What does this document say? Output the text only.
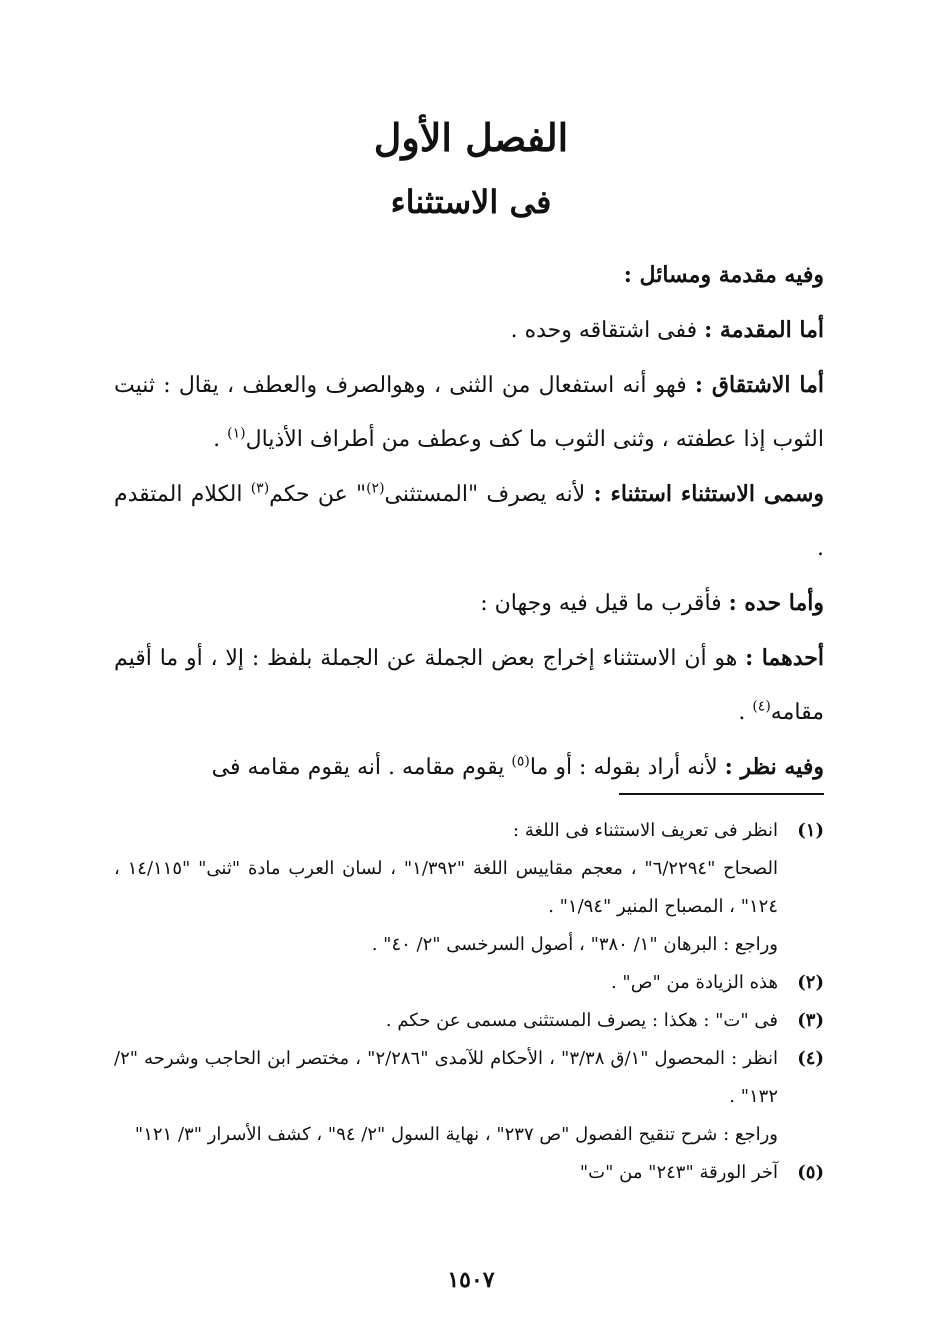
الفصل الأول
فى الاستثناء

وفيه مقدمة ومسائل :

أما المقدمة : ففى اشتقاقه وحده .

أما الاشتقاق : فهو أنه استفعال من الثنى ، وهوالصرف والعطف ، يقال : ثنيت الثوب إذا عطفته ، وثنى الثوب ما كف وعطف من أطراف الأذيال$^{(١)}$ .

وسمى الاستثناء استثناء : لأنه يصرف "المستثنى$^{(٢)}$" عن حكم$^{(٣)}$ الكلام المتقدم .

وأما حده : فأقرب ما قيل فيه وجهان :

أحدهما : هو أن الاستثناء إخراج بعض الجملة عن الجملة بلفظ : إلا ، أو ما أقيم مقامه$^{(٤)}$ .

وفيه نظر : لأنه أراد بقوله : أو ما$^{(٥)}$ يقوم مقامه . أنه يقوم مقامه فى

(١)

انظر فى تعريف الاستثناء فى اللغة :

الصحاح "٦/٢٢٩٤" ، معجم مقاييس اللغة "١/٣٩٢" ، لسان العرب مادة "ثنى" "١٤/١١٥ ، ١٢٤" ، المصباح المنير "١/٩٤" .

وراجع : البرهان "١/ ٣٨٠" ، أصول السرخسى "٢/ ٤٠" .

(٢)

هذه الزيادة من "ص" .

(٣)

فى "ت" : هكذا : يصرف المستثنى مسمى عن حكم .

(٤)

انظر : المحصول "١/ق ٣/٣٨" ، الأحكام للآمدى "٢/٢٨٦" ، مختصر ابن الحاجب وشرحه "٢/ ١٣٢" .

وراجع : شرح تنقيح الفصول "ص ٢٣٧" ، نهاية السول "٢/ ٩٤" ، كشف الأسرار "٣/ ١٢١"

(٥)

آخر الورقة "٢٤٣" من "ت"

١٥٠٧
